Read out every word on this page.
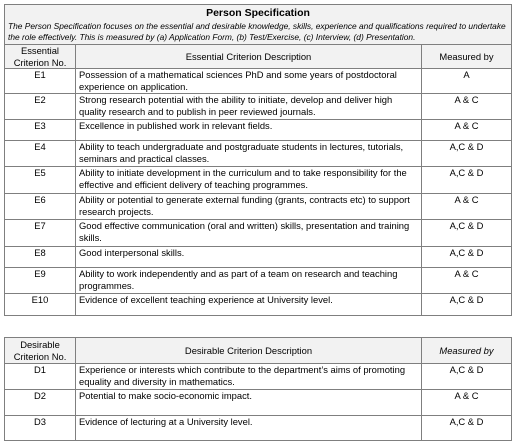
Person Specification
The Person Specification focuses on the essential and desirable knowledge, skills, experience and qualifications required to undertake the role effectively. This is measured by (a) Application Form, (b) Test/Exercise, (c) Interview, (d) Presentation.		

Essential Criterion No.	Essential Criterion Description	Measured by
E1	Possession of a mathematical sciences PhD and some years of postdoctoral experience on application.	A
E2	Strong research potential with the ability to initiate, develop and deliver high quality research and to publish in peer reviewed journals.	A & C
E3	Excellence in published work in relevant fields.	A & C
E4	Ability to teach undergraduate and postgraduate students in lectures, tutorials, seminars and practical classes.	A,C & D
E5	Ability to initiate development in the curriculum and to take responsibility for the effective and efficient delivery of teaching programmes.	A,C & D
E6	Ability or potential to generate external funding (grants, contracts etc) to support research projects.	A & C
E7	Good effective communication (oral and written) skills, presentation and training skills.	A,C & D
E8	Good interpersonal skills.	A,C & D
E9	Ability to work independently and as part of a team on research and teaching programmes.	A & C
E10	Evidence of excellent teaching experience at University level.	A,C & D
Desirable Criterion No.	Desirable Criterion Description	Measured by
D1	Experience or interests which contribute to the department’s aims of promoting equality and diversity in mathematics.	A,C & D
D2	Potential to make socio-economic impact.	A & C
D3	Evidence of lecturing at a University level.	A,C & D
